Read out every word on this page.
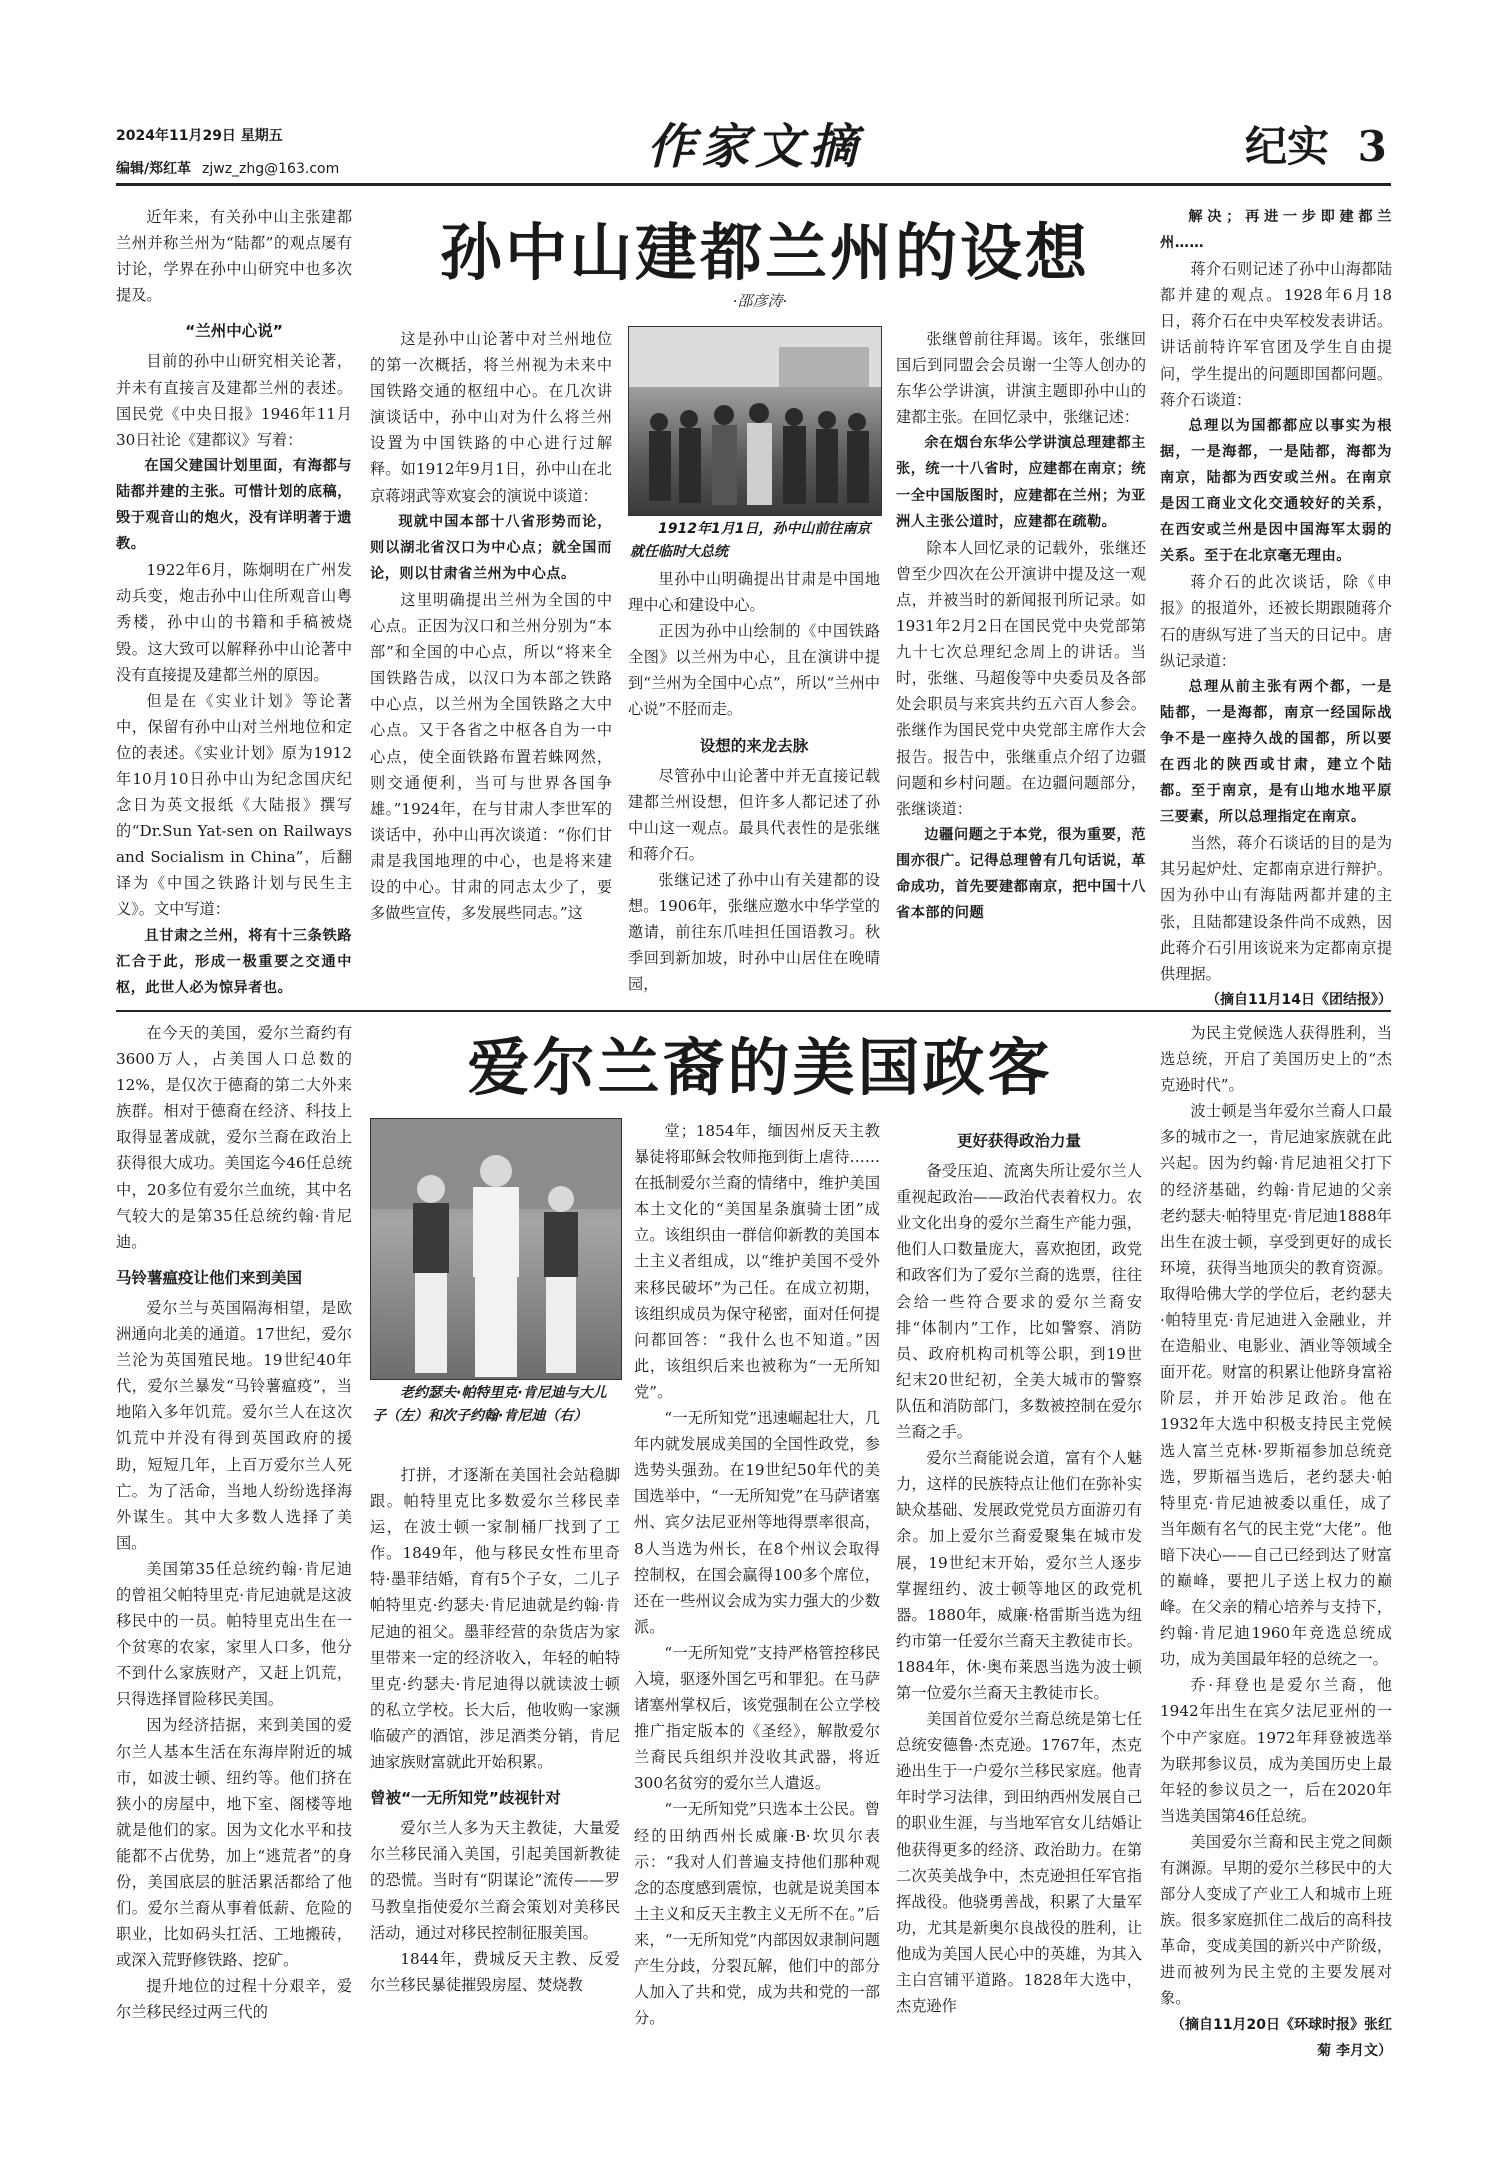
2024年11月29日 星期五
编辑/郑红革 zjwz_zhg@163.com	作家文摘	纪实 3
孙中山建都兰州的设想
·邵彦涛·

近年来，有关孙中山主张建都兰州并称兰州为“陆都”的观点屡有讨论，学界在孙中山研究中也多次提及。

“兰州中心说”

目前的孙中山研究相关论著，并未有直接言及建都兰州的表述。国民党《中央日报》1946年11月30日社论《建都议》写着：

在国父建国计划里面，有海都与陆都并建的主张。可惜计划的底稿，毁于观音山的炮火，没有详明著于遗教。

1922年6月，陈炯明在广州发动兵变，炮击孙中山住所观音山粤秀楼，孙中山的书籍和手稿被烧毁。这大致可以解释孙中山论著中没有直接提及建都兰州的原因。

但是在《实业计划》等论著中，保留有孙中山对兰州地位和定位的表述。《实业计划》原为1912年10月10日孙中山为纪念国庆纪念日为英文报纸《大陆报》撰写的“Dr.Sun Yat-sen on Railways and Socialism in China”，后翻译为《中国之铁路计划与民生主义》。文中写道：

且甘肃之兰州，将有十三条铁路汇合于此，形成一极重要之交通中枢，此世人必为惊异者也。

这是孙中山论著中对兰州地位的第一次概括，将兰州视为未来中国铁路交通的枢纽中心。在几次讲演谈话中，孙中山对为什么将兰州设置为中国铁路的中心进行过解释。如1912年9月1日，孙中山在北京蒋翊武等欢宴会的演说中谈道：

现就中国本部十八省形势而论，则以湖北省汉口为中心点；就全国而论，则以甘肃省兰州为中心点。

这里明确提出兰州为全国的中心点。正因为汉口和兰州分别为“本部”和全国的中心点，所以“将来全国铁路告成，以汉口为本部之铁路中心点，以兰州为全国铁路之大中心点。又于各省之中枢各自为一中心点，使全面铁路布置若蛛网然，则交通便利，当可与世界各国争雄。”1924年，在与甘肃人李世军的谈话中，孙中山再次谈道：“你们甘肃是我国地理的中心，也是将来建设的中心。甘肃的同志太少了，要多做些宣传，多发展些同志。”这

1912年1月1日，孙中山前往南京就任临时大总统

里孙中山明确提出甘肃是中国地理中心和建设中心。

正因为孙中山绘制的《中国铁路全图》以兰州为中心，且在演讲中提到“兰州为全国中心点”，所以“兰州中心说”不胫而走。

设想的来龙去脉

尽管孙中山论著中并无直接记载建都兰州设想，但许多人都记述了孙中山这一观点。最具代表性的是张继和蒋介石。

张继记述了孙中山有关建都的设想。1906年，张继应邀水中华学堂的邀请，前往东爪哇担任国语教习。秋季回到新加坡，时孙中山居住在晚晴园，

张继曾前往拜谒。该年，张继回国后到同盟会会员谢一尘等人创办的东华公学讲演，讲演主题即孙中山的建都主张。在回忆录中，张继记述：

余在烟台东华公学讲演总理建都主张，统一十八省时，应建都在南京；统一全中国版图时，应建都在兰州；为亚洲人主张公道时，应建都在疏勒。

除本人回忆录的记载外，张继还曾至少四次在公开演讲中提及这一观点，并被当时的新闻报刊所记录。如1931年2月2日在国民党中央党部第九十七次总理纪念周上的讲话。当时，张继、马超俊等中央委员及各部处会职员与来宾共约五六百人参会。张继作为国民党中央党部主席作大会报告。报告中，张继重点介绍了边疆问题和乡村问题。在边疆问题部分，张继谈道：

边疆问题之于本党，很为重要，范围亦很广。记得总理曾有几句话说，革命成功，首先要建都南京，把中国十八省本部的问题

解决；再进一步即建都兰州……

蒋介石则记述了孙中山海都陆都并建的观点。1928年6月18日，蒋介石在中央军校发表讲话。讲话前特许军官团及学生自由提问，学生提出的问题即国都问题。蒋介石谈道：

总理以为国都都应以事实为根据，一是海都，一是陆都，海都为南京，陆都为西安或兰州。在南京是因工商业文化交通较好的关系，在西安或兰州是因中国海军太弱的关系。至于在北京毫无理由。

蒋介石的此次谈话，除《申报》的报道外，还被长期跟随蒋介石的唐纵写进了当天的日记中。唐纵记录道：

总理从前主张有两个都，一是陆都，一是海都，南京一经国际战争不是一座持久战的国都，所以要在西北的陕西或甘肃，建立个陆都。至于南京，是有山地水地平原三要素，所以总理指定在南京。

当然，蒋介石谈话的目的是为其另起炉灶、定都南京进行辩护。因为孙中山有海陆两都并建的主张，且陆都建设条件尚不成熟，因此蒋介石引用该说来为定都南京提供理据。

（摘自11月14日《团结报》）

爱尔兰裔的美国政客

在今天的美国，爱尔兰裔约有3600万人，占美国人口总数的12%，是仅次于德裔的第二大外来族群。相对于德裔在经济、科技上取得显著成就，爱尔兰裔在政治上获得很大成功。美国迄今46任总统中，20多位有爱尔兰血统，其中名气较大的是第35任总统约翰·肯尼迪。

马铃薯瘟疫让他们来到美国

爱尔兰与英国隔海相望，是欧洲通向北美的通道。17世纪，爱尔兰沦为英国殖民地。19世纪40年代，爱尔兰暴发“马铃薯瘟疫”，当地陷入多年饥荒。爱尔兰人在这次饥荒中并没有得到英国政府的援助，短短几年，上百万爱尔兰人死亡。为了活命，当地人纷纷选择海外谋生。其中大多数人选择了美国。

美国第35任总统约翰·肯尼迪的曾祖父帕特里克·肯尼迪就是这波移民中的一员。帕特里克出生在一个贫寒的农家，家里人口多，他分不到什么家族财产，又赶上饥荒，只得选择冒险移民美国。

因为经济拮据，来到美国的爱尔兰人基本生活在东海岸附近的城市，如波士顿、纽约等。他们挤在狭小的房屋中，地下室、阁楼等地就是他们的家。因为文化水平和技能都不占优势，加上“逃荒者”的身份，美国底层的脏活累活都给了他们。爱尔兰裔从事着低薪、危险的职业，比如码头扛活、工地搬砖，或深入荒野修铁路、挖矿。

提升地位的过程十分艰辛，爱尔兰移民经过两三代的

老约瑟夫·帕特里克·肯尼迪与大儿子（左）和次子约翰·肯尼迪（右）

打拼，才逐渐在美国社会站稳脚跟。帕特里克比多数爱尔兰移民幸运，在波士顿一家制桶厂找到了工作。1849年，他与移民女性布里奇特·墨菲结婚，育有5个子女，二儿子帕特里克·约瑟夫·肯尼迪就是约翰·肯尼迪的祖父。墨菲经营的杂货店为家里带来一定的经济收入，年轻的帕特里克·约瑟夫·肯尼迪得以就读波士顿的私立学校。长大后，他收购一家濒临破产的酒馆，涉足酒类分销，肯尼迪家族财富就此开始积累。

曾被“一无所知党”歧视针对

爱尔兰人多为天主教徒，大量爱尔兰移民涌入美国，引起美国新教徒的恐慌。当时有“阴谋论”流传——罗马教皇指使爱尔兰裔会策划对美移民活动，通过对移民控制征服美国。

1844年，费城反天主教、反爱尔兰移民暴徒摧毁房屋、焚烧教

堂；1854年，缅因州反天主教暴徒将耶稣会牧师拖到街上虐待……在抵制爱尔兰裔的情绪中，维护美国本土文化的“美国星条旗骑士团”成立。该组织由一群信仰新教的美国本土主义者组成，以“维护美国不受外来移民破坏”为己任。在成立初期，该组织成员为保守秘密，面对任何提问都回答：“我什么也不知道。”因此，该组织后来也被称为“一无所知党”。

“一无所知党”迅速崛起壮大，几年内就发展成美国的全国性政党，参选势头强劲。在19世纪50年代的美国选举中，“一无所知党”在马萨诸塞州、宾夕法尼亚州等地得票率很高，8人当选为州长，在8个州议会取得控制权，在国会赢得100多个席位，还在一些州议会成为实力强大的少数派。

“一无所知党”支持严格管控移民入境，驱逐外国乞丐和罪犯。在马萨诸塞州掌权后，该党强制在公立学校推广指定版本的《圣经》，解散爱尔兰裔民兵组织并没收其武器，将近300名贫穷的爱尔兰人遣返。

“一无所知党”只选本土公民。曾经的田纳西州长威廉·B·坎贝尔表示：“我对人们普遍支持他们那种观念的态度感到震惊，也就是说美国本土主义和反天主教主义无所不在。”后来，“一无所知党”内部因奴隶制问题产生分歧，分裂瓦解，他们中的部分人加入了共和党，成为共和党的一部分。

更好获得政治力量

备受压迫、流离失所让爱尔兰人重视起政治——政治代表着权力。农业文化出身的爱尔兰裔生产能力强，他们人口数量庞大，喜欢抱团，政党和政客们为了爱尔兰裔的选票，往往会给一些符合要求的爱尔兰裔安排“体制内”工作，比如警察、消防员、政府机构司机等公职，到19世纪末20世纪初，全美大城市的警察队伍和消防部门，多数被控制在爱尔兰裔之手。

爱尔兰裔能说会道，富有个人魅力，这样的民族特点让他们在弥补实缺众基础、发展政党党员方面游刃有余。加上爱尔兰裔爱聚集在城市发展，19世纪末开始，爱尔兰人逐步掌握纽约、波士顿等地区的政党机器。1880年，威廉·格雷斯当选为纽约市第一任爱尔兰裔天主教徒市长。1884年，休·奥布莱恩当选为波士顿第一位爱尔兰裔天主教徒市长。

美国首位爱尔兰裔总统是第七任总统安德鲁·杰克逊。1767年，杰克逊出生于一户爱尔兰移民家庭。他青年时学习法律，到田纳西州发展自己的职业生涯，与当地军官女儿结婚让他获得更多的经济、政治助力。在第二次英美战争中，杰克逊担任军官指挥战役。他骁勇善战，积累了大量军功，尤其是新奥尔良战役的胜利，让他成为美国人民心中的英雄，为其入主白宫铺平道路。1828年大选中，杰克逊作

为民主党候选人获得胜利，当选总统，开启了美国历史上的“杰克逊时代”。

波士顿是当年爱尔兰裔人口最多的城市之一，肯尼迪家族就在此兴起。因为约翰·肯尼迪祖父打下的经济基础，约翰·肯尼迪的父亲老约瑟夫·帕特里克·肯尼迪1888年出生在波士顿，享受到更好的成长环境，获得当地顶尖的教育资源。取得哈佛大学的学位后，老约瑟夫·帕特里克·肯尼迪进入金融业，并在造船业、电影业、酒业等领域全面开花。财富的积累让他跻身富裕阶层，并开始涉足政治。他在1932年大选中积极支持民主党候选人富兰克林·罗斯福参加总统竞选，罗斯福当选后，老约瑟夫·帕特里克·肯尼迪被委以重任，成了当年颇有名气的民主党“大佬”。他暗下决心——自己已经到达了财富的巅峰，要把儿子送上权力的巅峰。在父亲的精心培养与支持下，约翰·肯尼迪1960年竞选总统成功，成为美国最年轻的总统之一。

乔·拜登也是爱尔兰裔，他1942年出生在宾夕法尼亚州的一个中产家庭。1972年拜登被选举为联邦参议员，成为美国历史上最年轻的参议员之一，后在2020年当选美国第46任总统。

美国爱尔兰裔和民主党之间颇有渊源。早期的爱尔兰移民中的大部分人变成了产业工人和城市上班族。很多家庭抓住二战后的高科技革命，变成美国的新兴中产阶级，进而被列为民主党的主要发展对象。

（摘自11月20日《环球时报》张红菊 李月文）
